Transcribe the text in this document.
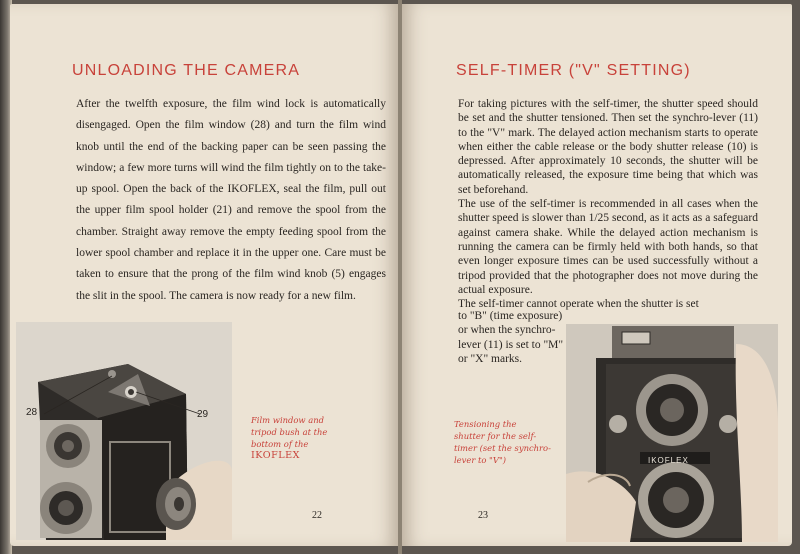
UNLOADING THE CAMERA

After the twelfth exposure, the film wind lock is automatically disengaged. Open the film window (28) and turn the film wind knob until the end of the backing paper can be seen passing the window; a few more turns will wind the film tightly on to the take-up spool. Open the back of the IKOFLEX, seal the film, pull out the upper film spool holder (21) and remove the spool from the chamber. Straight away remove the empty feeding spool from the lower spool chamber and replace it in the upper one. Care must be taken to ensure that the prong of the film wind knob (5) engages the slit in the spool. The camera is now ready for a new film.

28	29	Film window and
tripod bush at the
bottom of the
IKOFLEX
22
SELF-TIMER ("V" SETTING)

For taking pictures with the self-timer, the shutter speed should be set and the shutter tensioned. Then set the synchro-lever (11) to the "V" mark. The delayed action mechanism starts to operate when either the cable release or the body shutter release (10) is depressed. After approximately 10 seconds, the shutter will be automatically released, the exposure time being that which was set beforehand.

The use of the self-timer is recommended in all cases when the shutter speed is slower than 1/25 second, as it acts as a safeguard against camera shake. While the delayed action mechanism is running the camera can be firmly held with both hands, so that even longer exposure times can be used successfully without a tripod provided that the photographer does not move during the actual exposure.

The self-timer cannot operate when the shutter is set

to "B" (time exposure) or when the synchro-lever (11) is set to "M" or "X" marks.

IKOFLEX
Tensioning the
shutter for the self-
timer (set the synchro-
lever to "V")
23
